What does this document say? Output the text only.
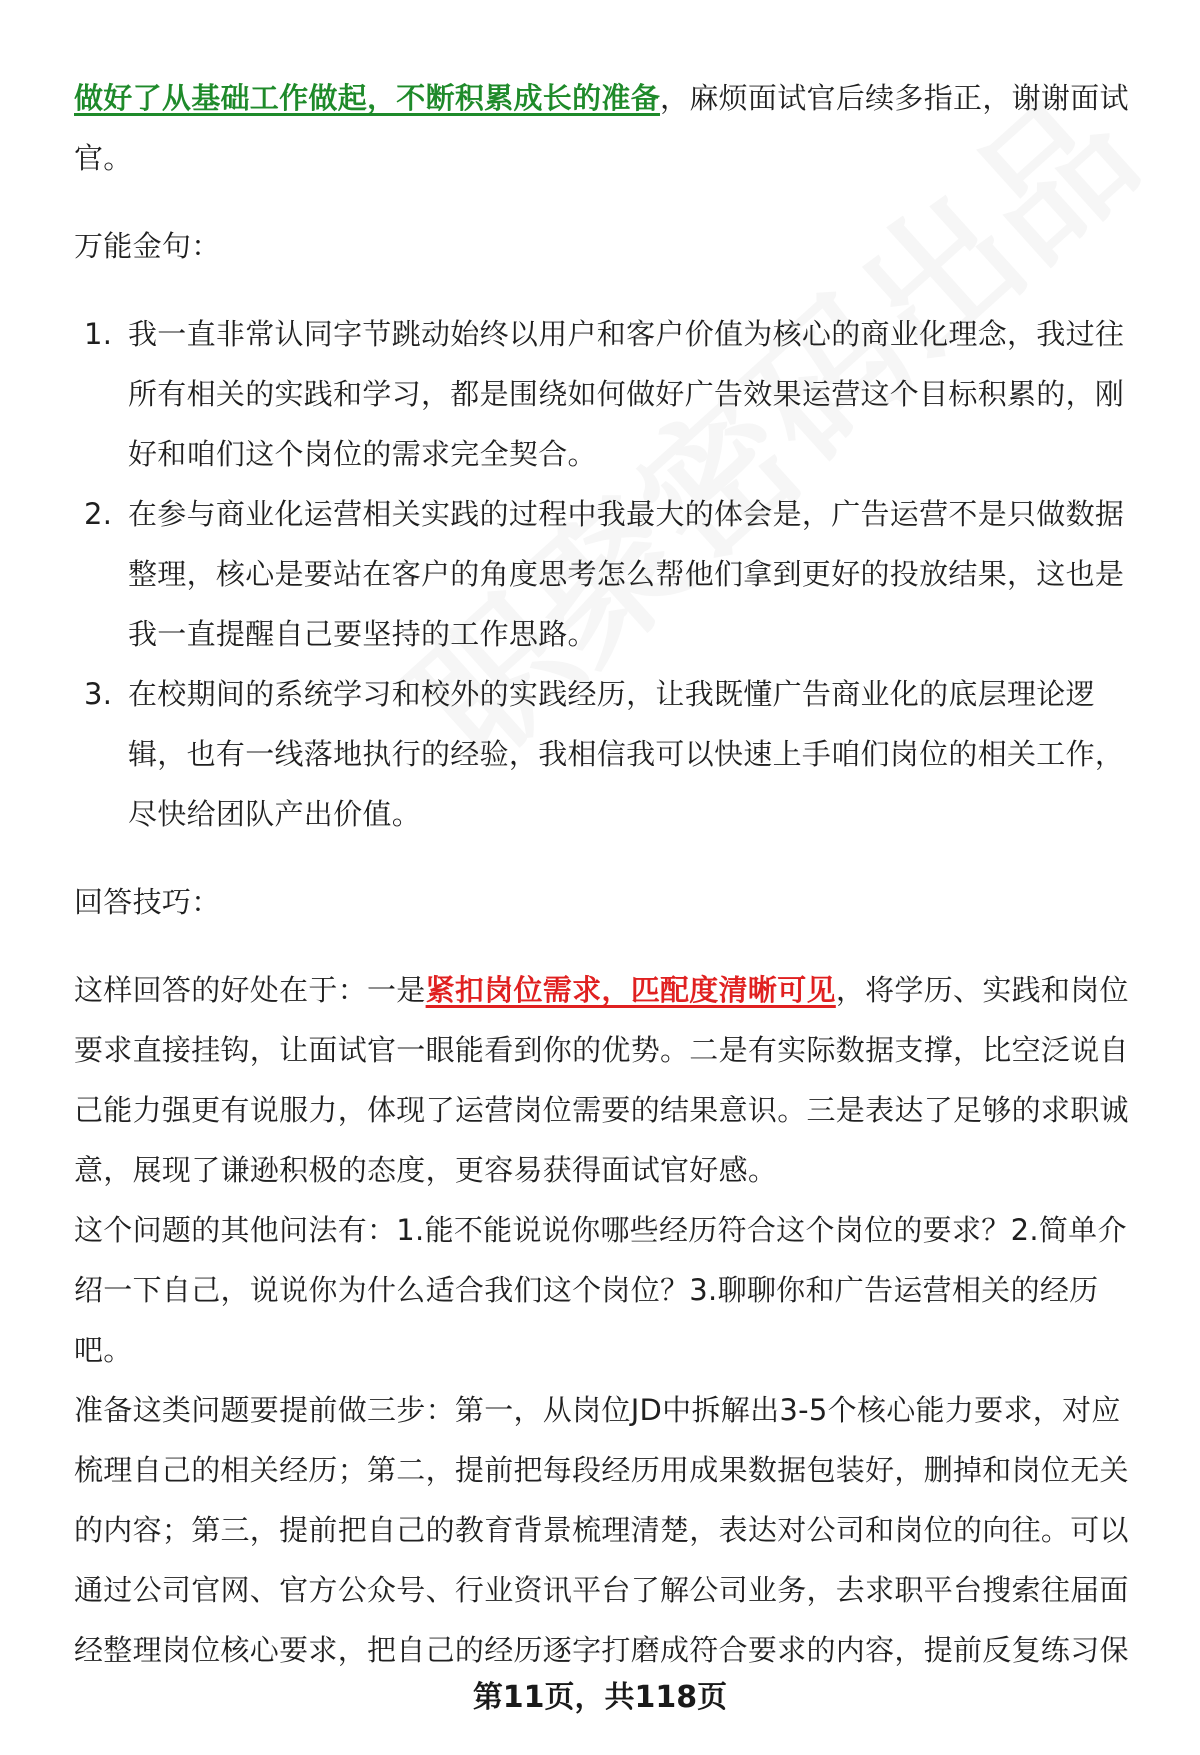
做好了从基础工作做起，不断积累成长的准备，麻烦面试官后续多指正，谢谢面试官。

万能金句：

1. 我一直非常认同字节跳动始终以用户和客户价值为核心的商业化理念，我过往所有相关的实践和学习，都是围绕如何做好广告效果运营这个目标积累的，刚好和咱们这个岗位的需求完全契合。
2. 在参与商业化运营相关实践的过程中我最大的体会是，广告运营不是只做数据整理，核心是要站在客户的角度思考怎么帮他们拿到更好的投放结果，这也是我一直提醒自己要坚持的工作思路。
3. 在校期间的系统学习和校外的实践经历，让我既懂广告商业化的底层理论逻辑，也有一线落地执行的经验，我相信我可以快速上手咱们岗位的相关工作，尽快给团队产出价值。

回答技巧：

这样回答的好处在于：一是紧扣岗位需求，匹配度清晰可见，将学历、实践和岗位要求直接挂钩，让面试官一眼能看到你的优势。二是有实际数据支撑，比空泛说自己能力强更有说服力，体现了运营岗位需要的结果意识。三是表达了足够的求职诚意，展现了谦逊积极的态度，更容易获得面试官好感。

这个问题的其他问法有：1.能不能说说你哪些经历符合这个岗位的要求？2.简单介绍一下自己，说说你为什么适合我们这个岗位？3.聊聊你和广告运营相关的经历吧。

准备这类问题要提前做三步：第一，从岗位JD中拆解出3-5个核心能力要求，对应梳理自己的相关经历；第二，提前把每段经历用成果数据包装好，删掉和岗位无关的内容；第三，提前把自己的教育背景梳理清楚，表达对公司和岗位的向往。可以通过公司官网、官方公众号、行业资讯平台了解公司业务，去求职平台搜索往届面经整理岗位核心要求，把自己的经历逐字打磨成符合要求的内容，提前反复练习保

第11页，共118页
